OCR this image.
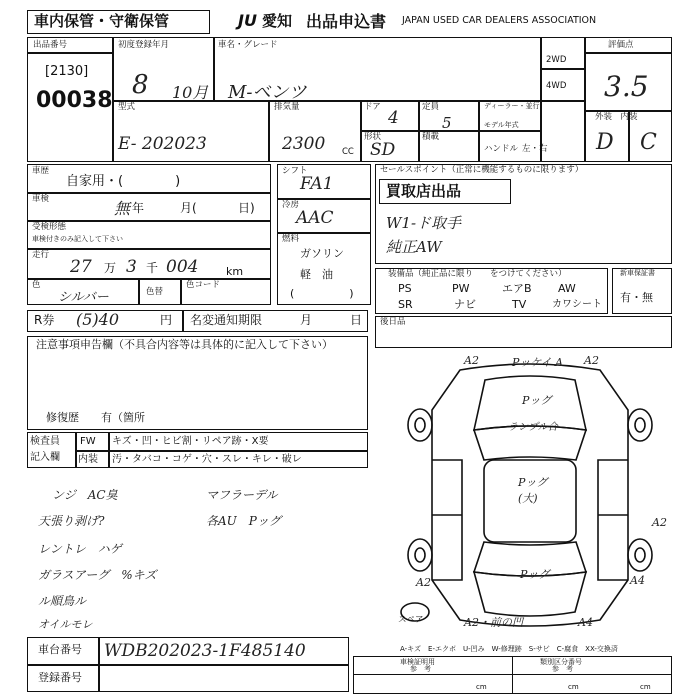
車内保管・守衛保管	JU 愛知 出品申込書 JAPAN USED CAR DEALERS ASSOCIATION
出品番号
[2130]
00038
初度登録年月	車名・グレード
8 10月 M-ベンツ
2WD
4WD
評価点
3.5
外装　内装
D C
型式
E- 202023
排気量
2300 CC
ドア
4
定員
5
形状
SD
積載
ディーラー・並行
モデル年式
ハンドル 左・右
車歴
自家用・(　　　　)
車検	無 年	月(	日)
受検形態
車検付きのみ記入して下さい
走行
27 万 3 千 004	km
色
シルバー	色替
色コード
シフト
FA1
冷房
AAC
燃料
ガソリン
軽　油
(　　　　　)
セールスポイント（正常に機能するものに限ります）
買取店出品
W1-ド取手
純正AW
装備品（純正品に限り　　をつけてください）
PS	PW	エアB AW
SR	ナビ	TV	カワシート
新車保証書
有・無
R券 (5)40	円 名変通知期限	月	日
注意事項申告欄（不具合内容等は具体的に記入して下さい）
修復歴　　有（箇所
後日品
検査員
記入欄
FW キズ・凹・ヒビ割・リペア跡・X要
内装 汚・タバコ・コゲ・穴・スレ・キレ・破レ
ンジ　AC臭	マフラーデル
天張り剥げ?	各AU　Pッグ
レントレ　ハゲ
ガラスアーグ　%キズ
ル順鳥ル
オイルモレ
車台番号 WDB202023-1F485140
登録番号
A-キズ　E-エクボ　U-凹み　W-修理跡　S-サビ　C-腐食　XX-交換済
車検証明用
参　考
類別区分番号
参　考
cm	cm	cm
A2	Pッケイ A A2
Pッグ
ランプル合
Pッグ
(大)
A2
A2
Pッグ	A4
スペア	A2・前の凹	A4
